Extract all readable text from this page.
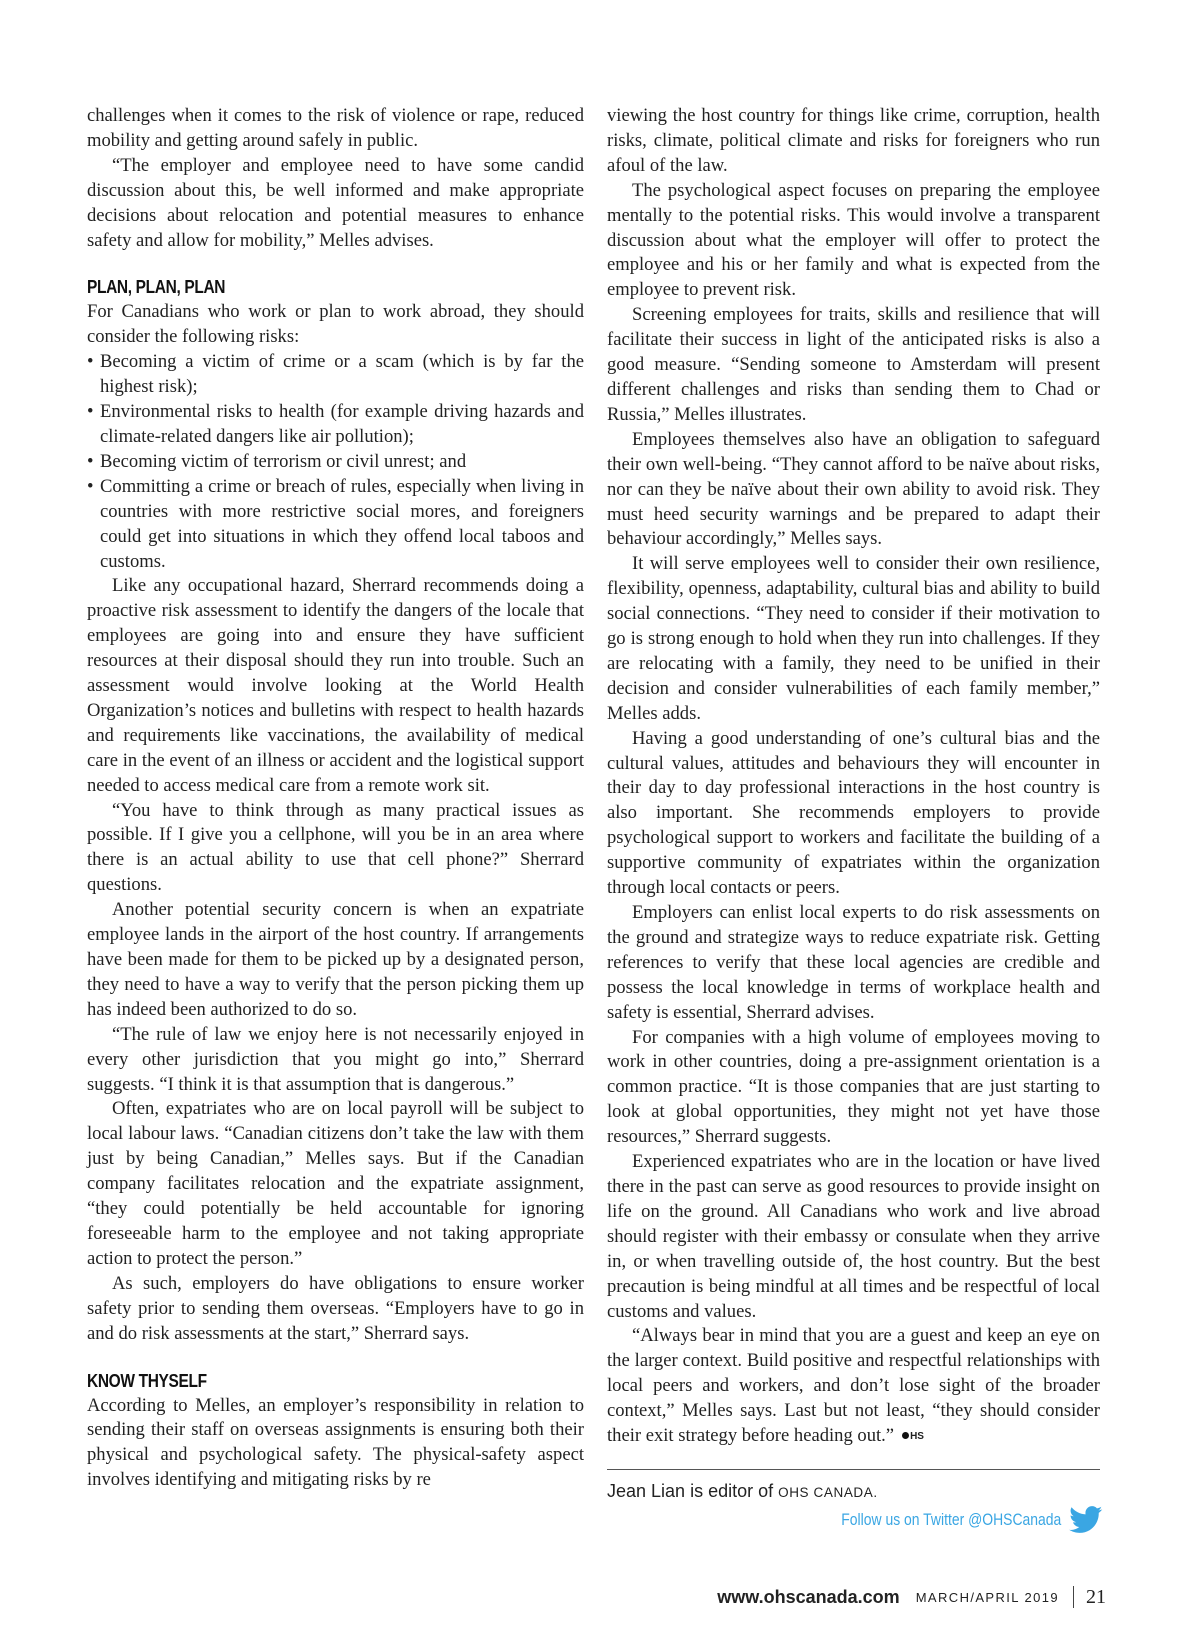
challenges when it comes to the risk of violence or rape, reduced mobility and getting around safely in public.

“The employer and employee need to have some candid discussion about this, be well informed and make appropriate decisions about relocation and potential measures to enhance safety and allow for mobility,” Melles advises.

PLAN, PLAN, PLAN

For Canadians who work or plan to work abroad, they should consider the following risks:

• Becoming a victim of crime or a scam (which is by far the highest risk);
• Environmental risks to health (for example driving hazards and climate-related dangers like air pollution);
• Becoming victim of terrorism or civil unrest; and
• Committing a crime or breach of rules, especially when living in countries with more restrictive social mores, and foreigners could get into situations in which they offend local taboos and customs.

Like any occupational hazard, Sherrard recommends doing a proactive risk assessment to identify the dangers of the locale that employees are going into and ensure they have sufficient resources at their disposal should they run into trouble. Such an assessment would involve looking at the World Health Organization’s notices and bulletins with respect to health hazards and requirements like vaccinations, the availability of medical care in the event of an illness or accident and the logistical support needed to access medical care from a remote work sit.

“You have to think through as many practical issues as possible. If I give you a cellphone, will you be in an area where there is an actual ability to use that cell phone?” Sherrard questions.

Another potential security concern is when an expatriate employee lands in the airport of the host country. If arrangements have been made for them to be picked up by a designated person, they need to have a way to verify that the person picking them up has indeed been authorized to do so.

“The rule of law we enjoy here is not necessarily enjoyed in every other jurisdiction that you might go into,” Sherrard suggests. “I think it is that assumption that is dangerous.”

Often, expatriates who are on local payroll will be subject to local labour laws. “Canadian citizens don’t take the law with them just by being Canadian,” Melles says. But if the Canadian company facilitates relocation and the expatriate assignment, “they could potentially be held accountable for ignoring foreseeable harm to the employee and not taking appropriate action to protect the person.”

As such, employers do have obligations to ensure worker safety prior to sending them overseas. “Employers have to go in and do risk assessments at the start,” Sherrard says.

KNOW THYSELF

According to Melles, an employer’s responsibility in relation to sending their staff on overseas assignments is ensuring both their physical and psychological safety. The physical-safety aspect involves identifying and mitigating risks by re

viewing the host country for things like crime, corruption, health risks, climate, political climate and risks for foreigners who run afoul of the law.

The psychological aspect focuses on preparing the employee mentally to the potential risks. This would involve a transparent discussion about what the employer will offer to protect the employee and his or her family and what is expected from the employee to prevent risk.

Screening employees for traits, skills and resilience that will facilitate their success in light of the anticipated risks is also a good measure. “Sending someone to Amsterdam will present different challenges and risks than sending them to Chad or Russia,” Melles illustrates.

Employees themselves also have an obligation to safeguard their own well-being. “They cannot afford to be naïve about risks, nor can they be naïve about their own ability to avoid risk. They must heed security warnings and be prepared to adapt their behaviour accordingly,” Melles says.

It will serve employees well to consider their own resilience, flexibility, openness, adaptability, cultural bias and ability to build social connections. “They need to consider if their motivation to go is strong enough to hold when they run into challenges. If they are relocating with a family, they need to be unified in their decision and consider vulnerabilities of each family member,” Melles adds.

Having a good understanding of one’s cultural bias and the cultural values, attitudes and behaviours they will encounter in their day to day professional interactions in the host country is also important. She recommends employers to provide psychological support to workers and facilitate the building of a supportive community of expatriates within the organization through local contacts or peers.

Employers can enlist local experts to do risk assessments on the ground and strategize ways to reduce expatriate risk. Getting references to verify that these local agencies are credible and possess the local knowledge in terms of workplace health and safety is essential, Sherrard advises.

For companies with a high volume of employees moving to work in other countries, doing a pre-assignment orientation is a common practice. “It is those companies that are just starting to look at global opportunities, they might not yet have those resources,” Sherrard suggests.

Experienced expatriates who are in the location or have lived there in the past can serve as good resources to provide insight on life on the ground. All Canadians who work and live abroad should register with their embassy or consulate when they arrive in, or when travelling outside of, the host country. But the best precaution is being mindful at all times and be respectful of local customs and values.

“Always bear in mind that you are a guest and keep an eye on the larger context. Build positive and respectful relationships with local peers and workers, and don’t lose sight of the broader context,” Melles says. Last but not least, “they should consider their exit strategy before heading out.” HS

Jean Lian is editor of OHS CANADA.
Follow us on Twitter @OHSCanada
www.ohscanada.com MARCH/APRIL 2019 21
